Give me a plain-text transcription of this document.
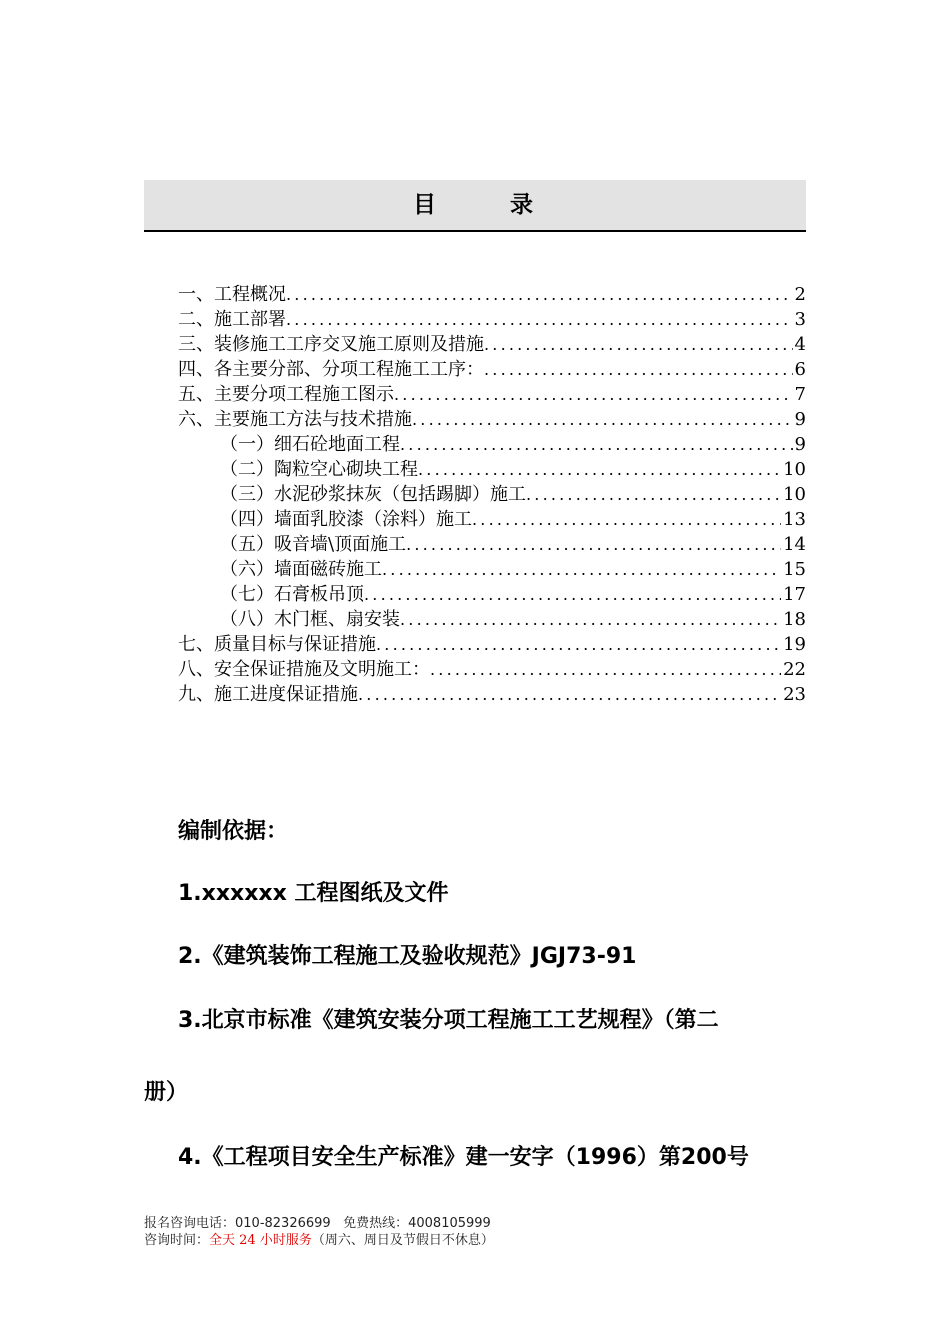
目	录
一、工程概况 .....	2
二、施工部署 .....	3
三、装修施工工序交叉施工原则及措施 .....	4
四、各主要分部、分项工程施工工序： .....	6
五、主要分项工程施工图示 .....	7
六、主要施工方法与技术措施 .....	9
（一）细石砼地面工程 .....	9
（二）陶粒空心砌块工程 .....	10
（三）水泥砂浆抹灰（包括踢脚）施工 .....	10
（四）墙面乳胶漆（涂料）施工 .....	13
（五）吸音墙\顶面施工 .....	14
（六）墙面磁砖施工 .....	15
（七）石膏板吊顶 .....	17
（八）木门框、扇安装 .....	18
七、质量目标与保证措施 .....	19
八、安全保证措施及文明施工： .....	22
九、施工进度保证措施 .....	23
编制依据：
1.xxxxxx 工程图纸及文件
2.《建筑装饰工程施工及验收规范》JGJ73-91
3.北京市标准《建筑安装分项工程施工工艺规程》（第二
册）
4.《工程项目安全生产标准》建一安字（1996）第200号
报名咨询电话：010-82326699 免费热线：4008105999
咨询时间：全天 24 小时服务（周六、周日及节假日不休息）
